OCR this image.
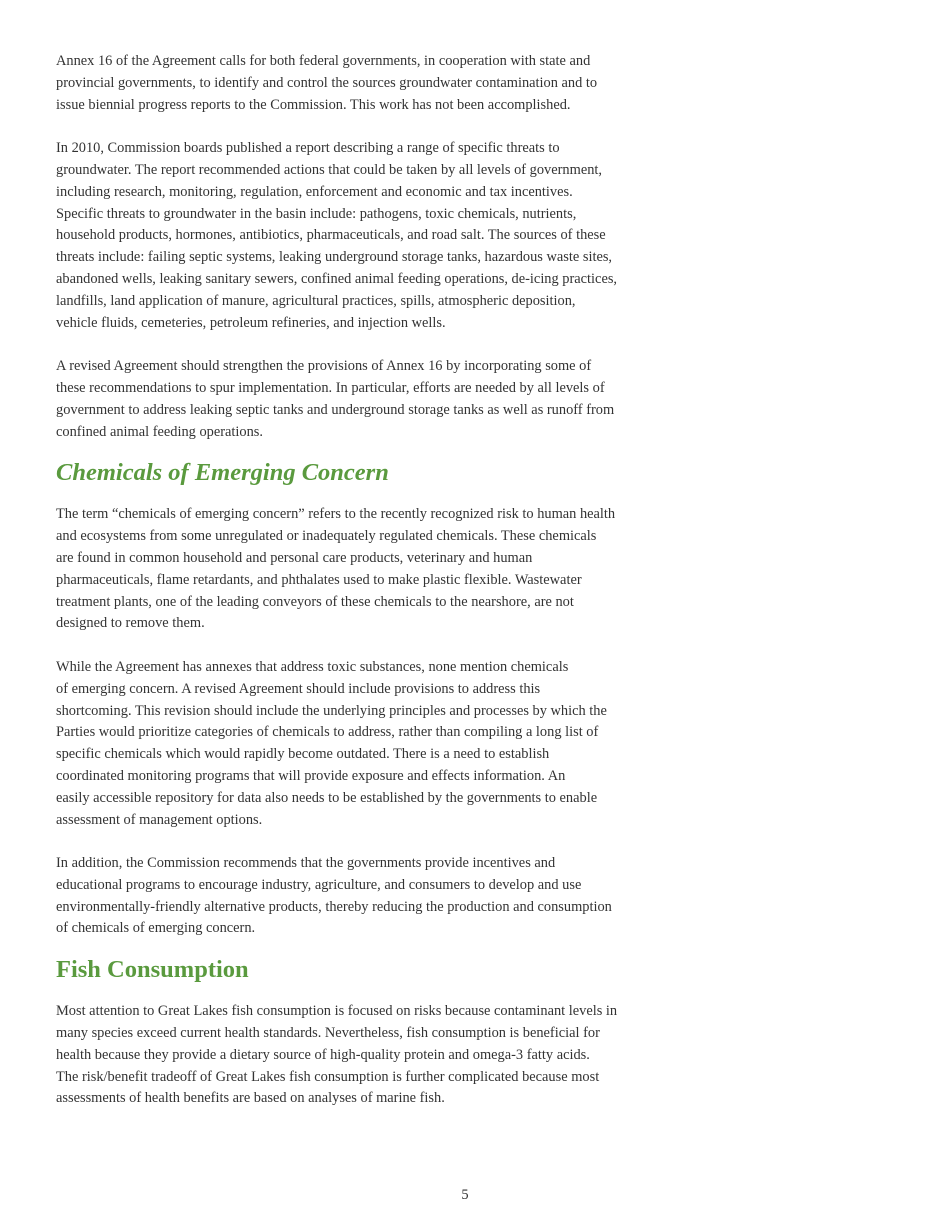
Annex 16 of the Agreement calls for both federal governments, in cooperation with state and
provincial governments, to identify and control the sources groundwater contamination and to
issue biennial progress reports to the Commission. This work has not been accomplished.

In 2010, Commission boards published a report describing a range of specific threats to
groundwater. The report recommended actions that could be taken by all levels of government,
including research, monitoring, regulation, enforcement and economic and tax incentives.
Specific threats to groundwater in the basin include: pathogens, toxic chemicals, nutrients,
household products, hormones, antibiotics, pharmaceuticals, and road salt. The sources of these
threats include: failing septic systems, leaking underground storage tanks, hazardous waste sites,
abandoned wells, leaking sanitary sewers, confined animal feeding operations, de-icing practices,
landfills, land application of manure, agricultural practices, spills, atmospheric deposition,
vehicle fluids, cemeteries, petroleum refineries, and injection wells.

A revised Agreement should strengthen the provisions of Annex 16 by incorporating some of
these recommendations to spur implementation. In particular, efforts are needed by all levels of
government to address leaking septic tanks and underground storage tanks as well as runoff from
confined animal feeding operations.

Chemicals of Emerging Concern

The term “chemicals of emerging concern” refers to the recently recognized risk to human health
and ecosystems from some unregulated or inadequately regulated chemicals. These chemicals
are found in common household and personal care products, veterinary and human
pharmaceuticals, flame retardants, and phthalates used to make plastic flexible. Wastewater
treatment plants, one of the leading conveyors of these chemicals to the nearshore, are not
designed to remove them.

While the Agreement has annexes that address toxic substances, none mention chemicals
of emerging concern. A revised Agreement should include provisions to address this
shortcoming. This revision should include the underlying principles and processes by which the
Parties would prioritize categories of chemicals to address, rather than compiling a long list of
specific chemicals which would rapidly become outdated. There is a need to establish
coordinated monitoring programs that will provide exposure and effects information. An
easily accessible repository for data also needs to be established by the governments to enable
assessment of management options.

In addition, the Commission recommends that the governments provide incentives and
educational programs to encourage industry, agriculture, and consumers to develop and use
environmentally-friendly alternative products, thereby reducing the production and consumption
of chemicals of emerging concern.

Fish Consumption

Most attention to Great Lakes fish consumption is focused on risks because contaminant levels in
many species exceed current health standards. Nevertheless, fish consumption is beneficial for
health because they provide a dietary source of high-quality protein and omega-3 fatty acids.
The risk/benefit tradeoff of Great Lakes fish consumption is further complicated because most
assessments of health benefits are based on analyses of marine fish.

5
